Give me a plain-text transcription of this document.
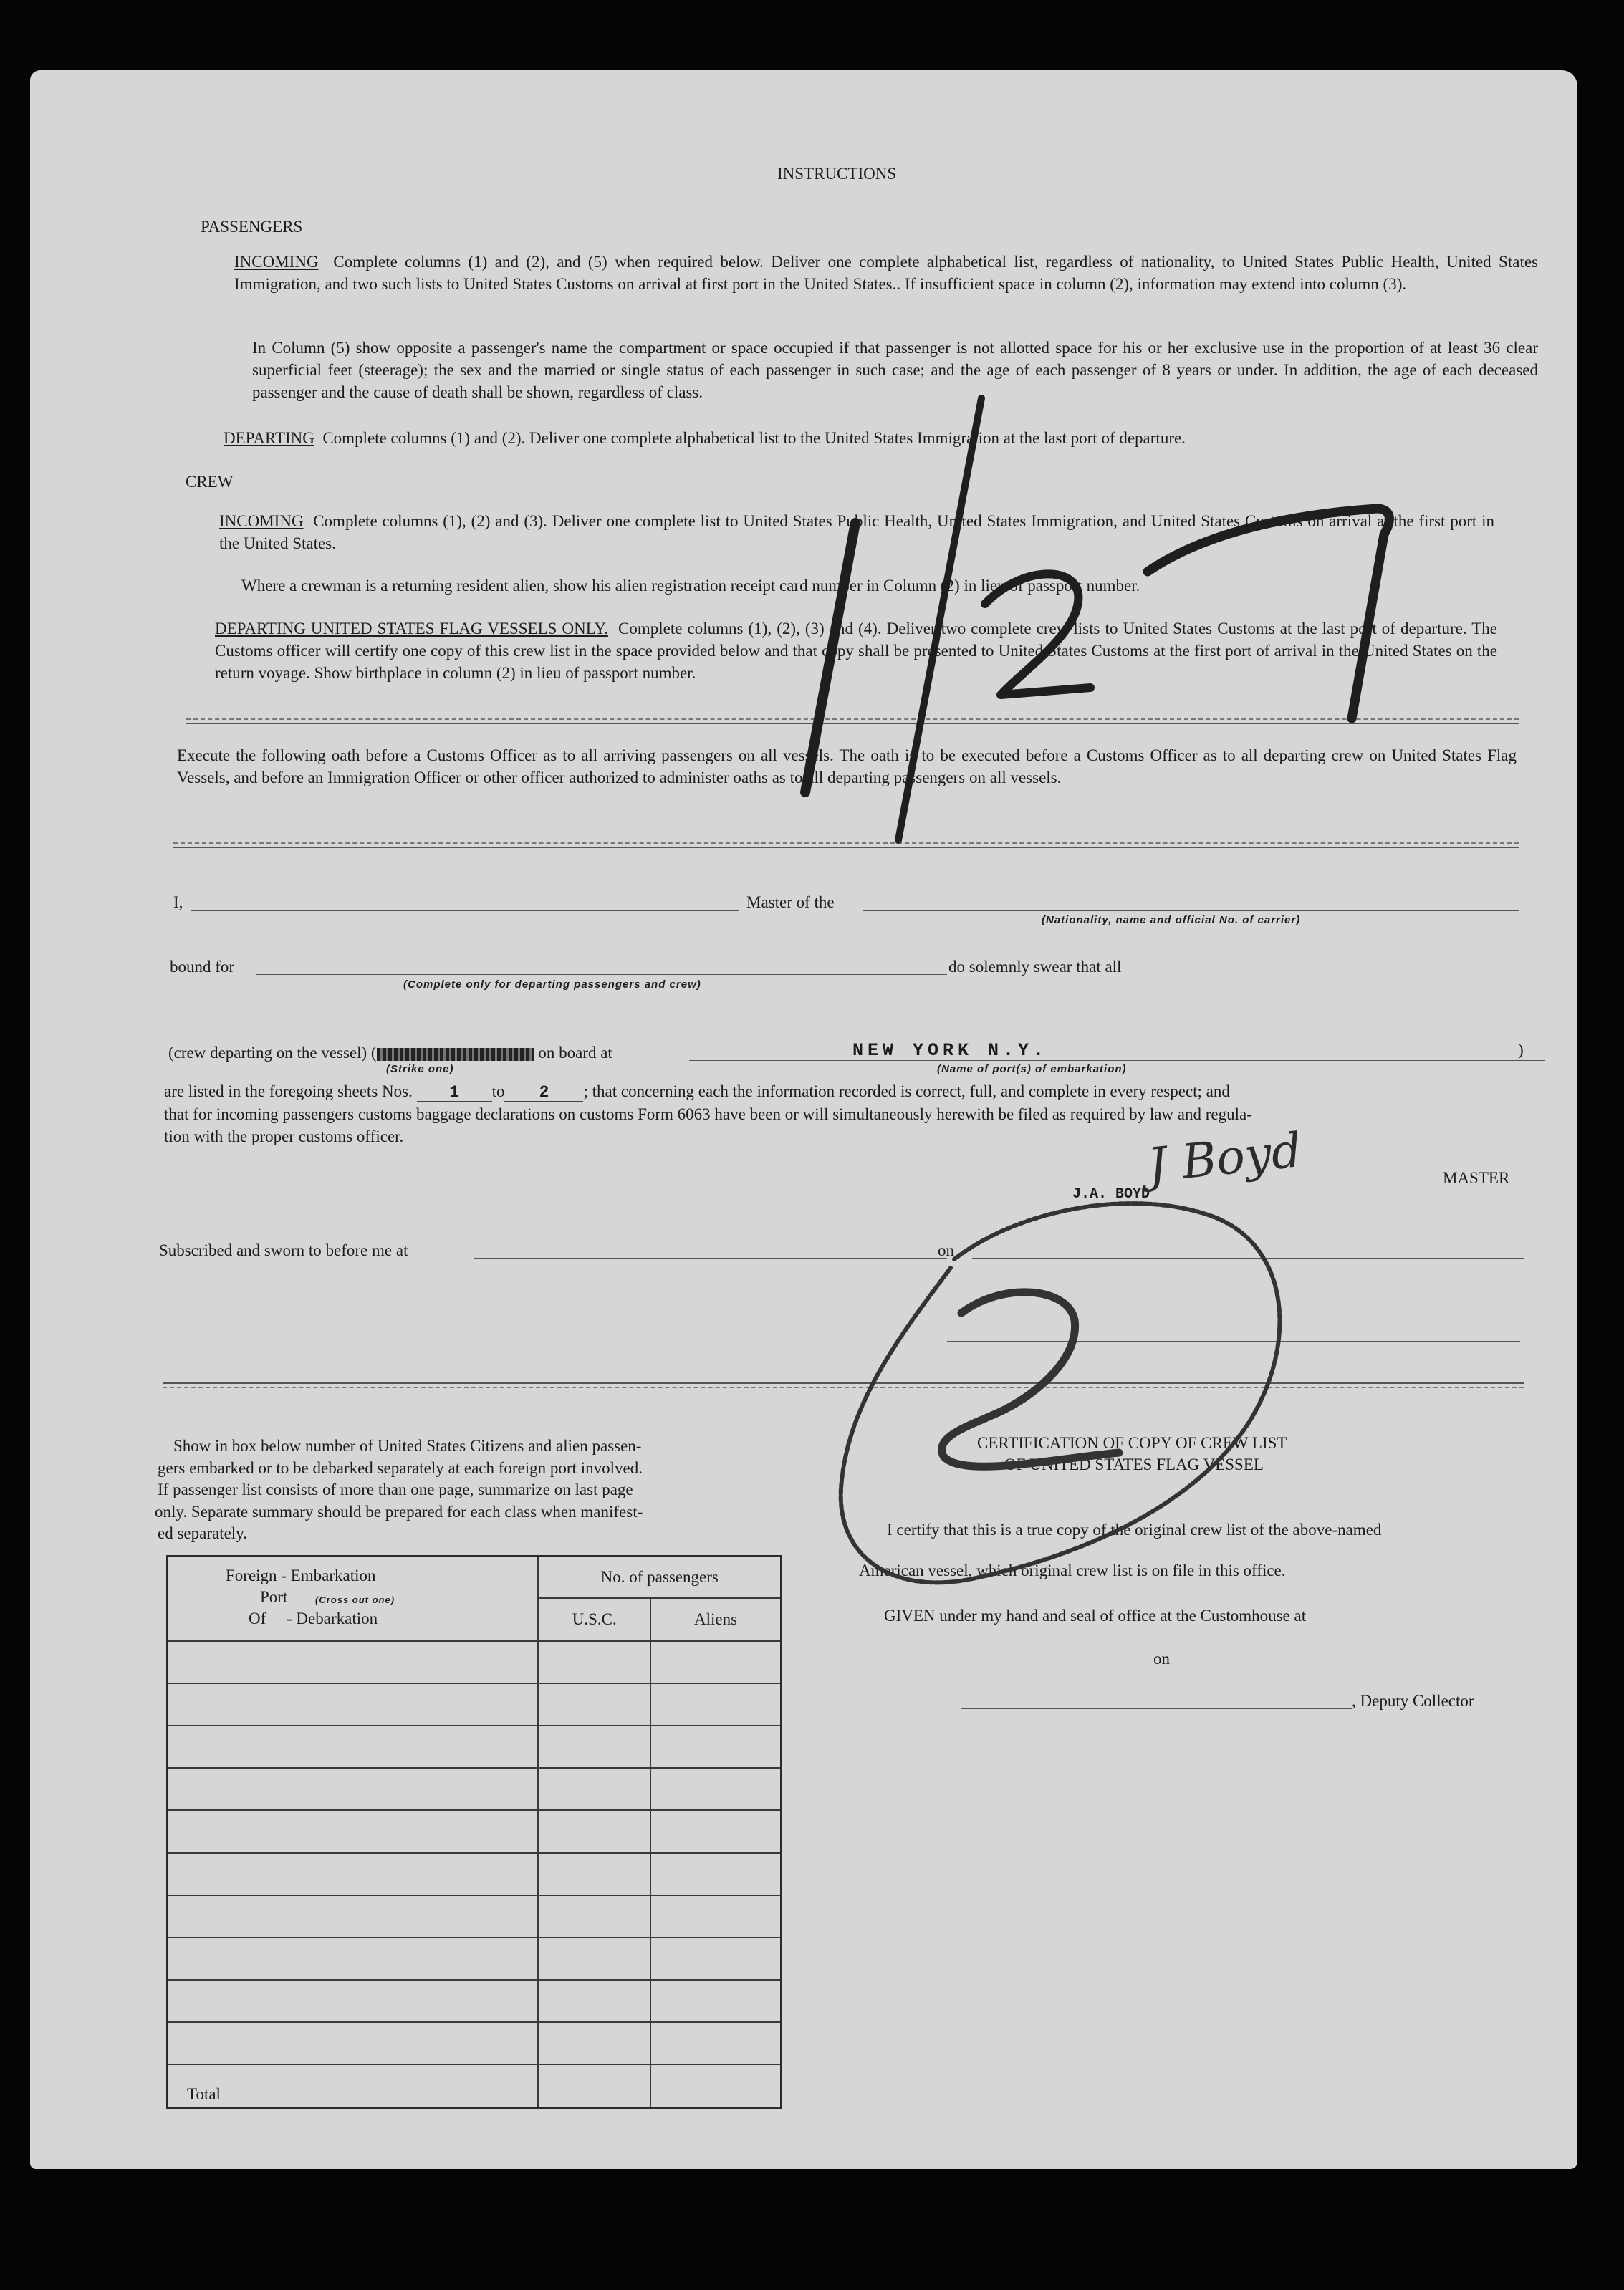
INSTRUCTIONS
PASSENGERS
INCOMING Complete columns (1) and (2), and (5) when required below. Deliver one complete alphabetical list, regardless of nationality, to United States Public Health, United States Immigration, and two such lists to United States Customs on arrival at first port in the United States.. If insufficient space in column (2), information may extend into column (3).
In Column (5) show opposite a passenger's name the compartment or space occupied if that passenger is not allotted space for his or her exclusive use in the proportion of at least 36 clear superficial feet (steerage); the sex and the married or single status of each passenger in such case; and the age of each passenger of 8 years or under. In addition, the age of each deceased passenger and the cause of death shall be shown, regardless of class.
DEPARTING Complete columns (1) and (2). Deliver one complete alphabetical list to the United States Immigration at the last port of departure.
CREW
INCOMING Complete columns (1), (2) and (3). Deliver one complete list to United States Public Health, United States Immigration, and United States Customs on arrival at the first port in the United States.
Where a crewman is a returning resident alien, show his alien registration receipt card number in Column (2) in lieu of passport number.
DEPARTING UNITED STATES FLAG VESSELS ONLY. Complete columns (1), (2), (3) and (4). Deliver two complete crew lists to United States Customs at the last port of departure. The Customs officer will certify one copy of this crew list in the space provided below and that copy shall be presented to United States Customs at the first port of arrival in the United States on the return voyage. Show birthplace in column (2) in lieu of passport number.
Execute the following oath before a Customs Officer as to all arriving passengers on all vessels. The oath is to be executed before a Customs Officer as to all departing crew on United States Flag Vessels, and before an Immigration Officer or other officer authorized to administer oaths as to all departing passengers on all vessels.
I,	Master of the
(Nationality, name and official No. of carrier)
bound for	do solemnly swear that all
(Complete only for departing passengers and crew)
(crew departing on the vessel) (	on board at
(Strike one)
NEW YORK N.Y.	)
(Name of port(s) of embarkation)
are listed in the foregoing sheets Nos. 1 to 2 ; that concerning each the information recorded is correct, full, and complete in every respect; and
that for incoming passengers customs baggage declarations on customs Form 6063 have been or will simultaneously herewith be filed as required by law and regula-
tion with the proper customs officer.
MASTER
J.A. BOYD
J Boyd
Subscribed and sworn to before me at	on
Show in box below number of United States Citizens and alien passen-
gers embarked or to be debarked separately at each foreign port involved.
If passenger list consists of more than one page, summarize on last page
only. Separate summary should be prepared for each class when manifest-
ed separately.
Foreign - Embarkation
Port (Cross out one)
Of     - Debarkation	No. of passengers	
	U.S.C.	Aliens

Total		
CERTIFICATION OF COPY OF CREW LIST
OF UNITED STATES FLAG VESSEL
I certify that this is a true copy of the original crew list of the above-named
American vessel, which original crew list is on file in this office.
GIVEN under my hand and seal of office at the Customhouse at
on
, Deputy Collector
